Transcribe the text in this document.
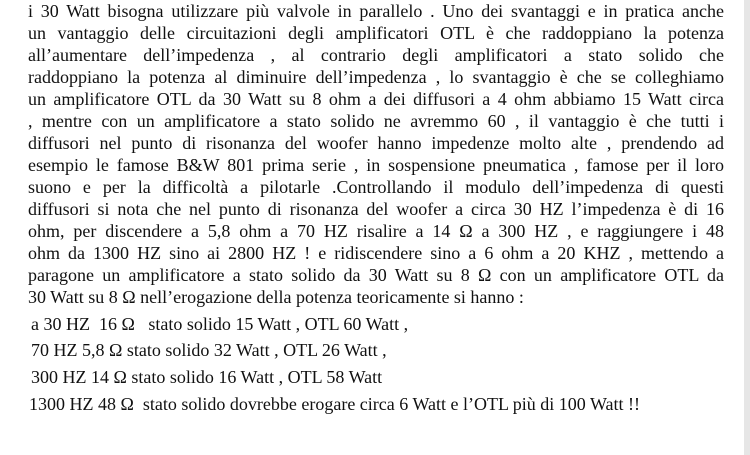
i 30 Watt bisogna utilizzare più valvole in parallelo . Uno dei svantaggi e in pratica anche
un vantaggio delle circuitazioni degli amplificatori OTL è che raddoppiano la potenza
all’aumentare dell’impedenza , al contrario degli amplificatori a stato solido che
raddoppiano la potenza al diminuire dell’impedenza , lo svantaggio è che se colleghiamo
un amplificatore OTL da 30 Watt su 8 ohm a dei diffusori a 4 ohm abbiamo 15 Watt circa
, mentre con un amplificatore a stato solido ne avremmo 60 , il vantaggio è che tutti i
diffusori nel punto di risonanza del woofer hanno impedenze molto alte , prendendo ad
esempio le famose B&W 801 prima serie , in sospensione pneumatica , famose per il loro
suono e per la difficoltà a pilotarle .Controllando il modulo dell’impedenza di questi
diffusori si nota che nel punto di risonanza del woofer a circa 30 HZ l’impedenza è di 16
ohm, per discendere a 5,8 ohm a 70 HZ risalire a 14 Ω a 300 HZ , e raggiungere i 48
ohm da 1300 HZ sino ai 2800 HZ ! e ridiscendere sino a 6 ohm a 20 KHZ , mettendo a
paragone un amplificatore a stato solido da 30 Watt su 8 Ω con un amplificatore OTL da
30 Watt su 8 Ω nell’erogazione della potenza teoricamente si hanno :
a 30 HZ  16 Ω   stato solido 15 Watt , OTL 60 Watt ,
70 HZ 5,8 Ω stato solido 32 Watt , OTL 26 Watt ,
300 HZ 14 Ω stato solido 16 Watt , OTL 58 Watt
1300 HZ 48 Ω  stato solido dovrebbe erogare circa 6 Watt e l’OTL più di 100 Watt !!
